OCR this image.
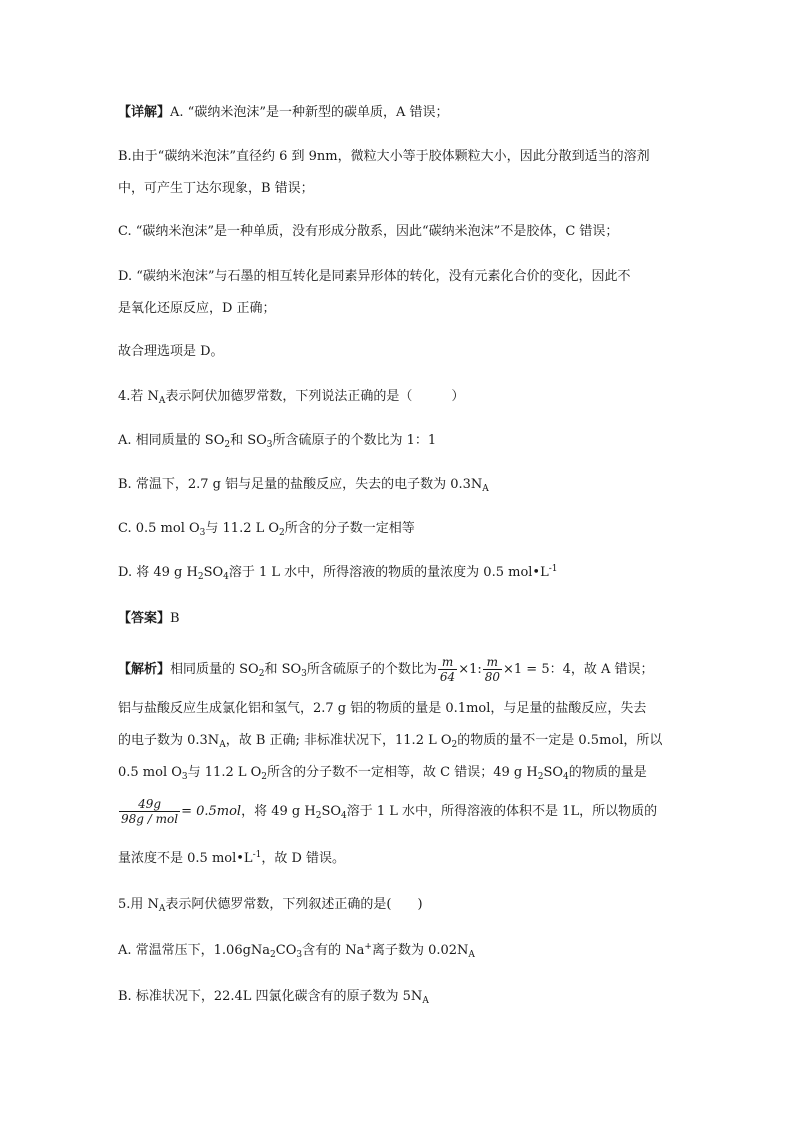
【详解】A. “碳纳米泡沫”是一种新型的碳单质，A 错误；
B.由于“碳纳米泡沫”直径约 6 到 9nm，微粒大小等于胶体颗粒大小，因此分散到适当的溶剂
中，可产生丁达尔现象，B 错误；
C. “碳纳米泡沫”是一种单质，没有形成分散系，因此“碳纳米泡沫”不是胶体，C 错误；
D. “碳纳米泡沫”与石墨的相互转化是同素异形体的转化，没有元素化合价的变化，因此不
是氧化还原反应，D 正确；
故合理选项是 D。
4.若 $N_A$表示阿伏加德罗常数，下列说法正确的是（　　　）
A. 相同质量的 $SO_2$和 $SO_3$所含硫原子的个数比为 1：1
B. 常温下，2.7 g 铝与足量的盐酸反应，失去的电子数为 $0.3N_A$
C. 0.5 mol $O_3$与 11.2 L $O_2$所含的分子数一定相等
D. 将 49 g $H_2SO_4$溶于 1 L 水中，所得溶液的物质的量浓度为 0.5 $mol•L^{-1}$
【答案】B
【解析】相同质量的 $SO_2$和 $SO_3$所含硫原子的个数比为 $\frac{m}{64} \times 1$: $\frac{m}{80} \times 1 = 5$：4，故 A 错误；
铝与盐酸反应生成氯化铝和氢气，2.7 g 铝的物质的量是 0.1mol，与足量的盐酸反应，失去
的电子数为 $0.3N_A$，故 B 正确; 非标准状况下，11.2 L $O_2$的物质的量不一定是 0.5mol，所以
0.5 mol $O_3$与 11.2 L $O_2$所含的分子数不一定相等，故 C 错误；49 g $H_2SO_4$的物质的量是
$\frac{49g}{\text{98g / mol}} = 0.5mol$，将 49 g $H_2SO_4$溶于 1 L 水中，所得溶液的体积不是 1L，所以物质的
量浓度不是 0.5 $mol•L^{-1}$，故 D 错误。
5.用 $N_A$表示阿伏德罗常数，下列叙述正确的是(　　)
A. 常温常压下，$1.06gNa_2CO_3$含有的 Na+离子数为 $0.02N_A$
B. 标准状况下，22.4L 四氯化碳含有的原子数为 $5N_A$
